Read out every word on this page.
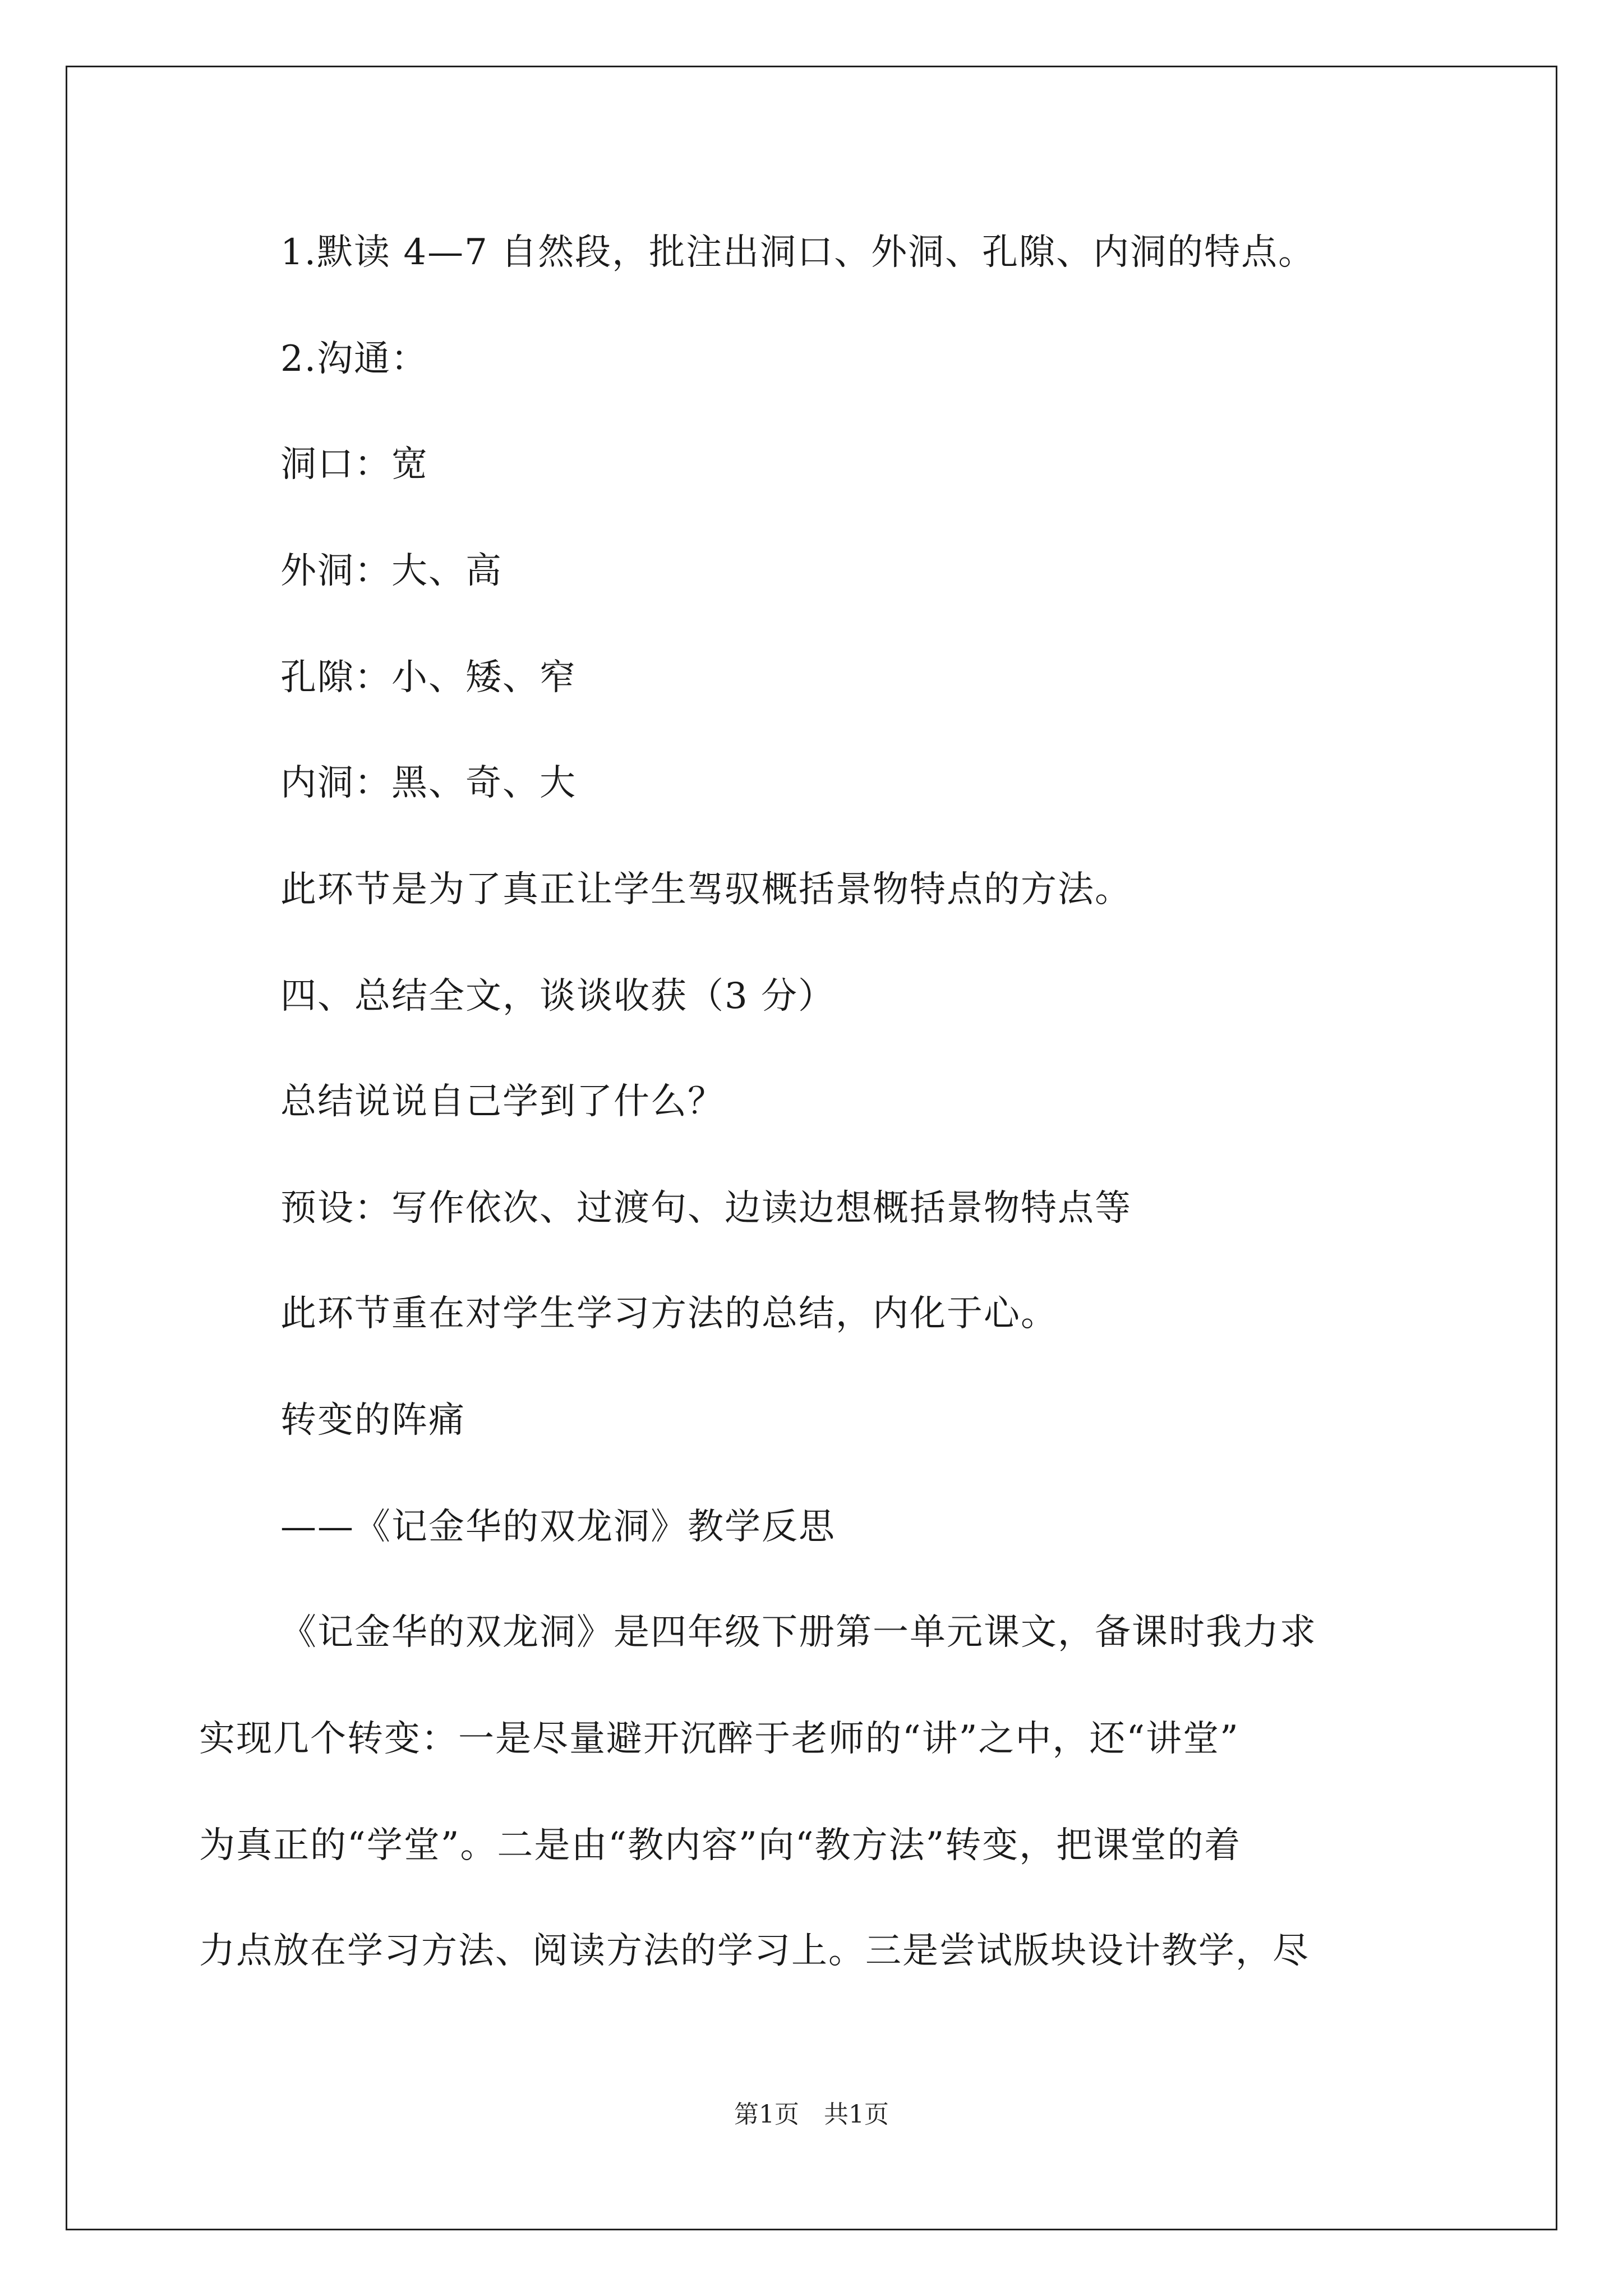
1.默读 4—7 自然段，批注出洞口、外洞、孔隙、内洞的特点。
2.沟通：
洞口：宽
外洞：大、高
孔隙：小、矮、窄
内洞：黑、奇、大
此环节是为了真正让学生驾驭概括景物特点的方法。
四、总结全文，谈谈收获（3 分）
总结说说自己学到了什么？
预设：写作依次、过渡句、边读边想概括景物特点等
此环节重在对学生学习方法的总结，内化于心。
转变的阵痛
——《记金华的双龙洞》教学反思
《记金华的双龙洞》是四年级下册第一单元课文，备课时我力求
实现几个转变：一是尽量避开沉醉于老师的“讲”之中，还“讲堂”
为真正的“学堂”。二是由“教内容”向“教方法”转变，把课堂的着
力点放在学习方法、阅读方法的学习上。三是尝试版块设计教学，尽
第1页　共1页
